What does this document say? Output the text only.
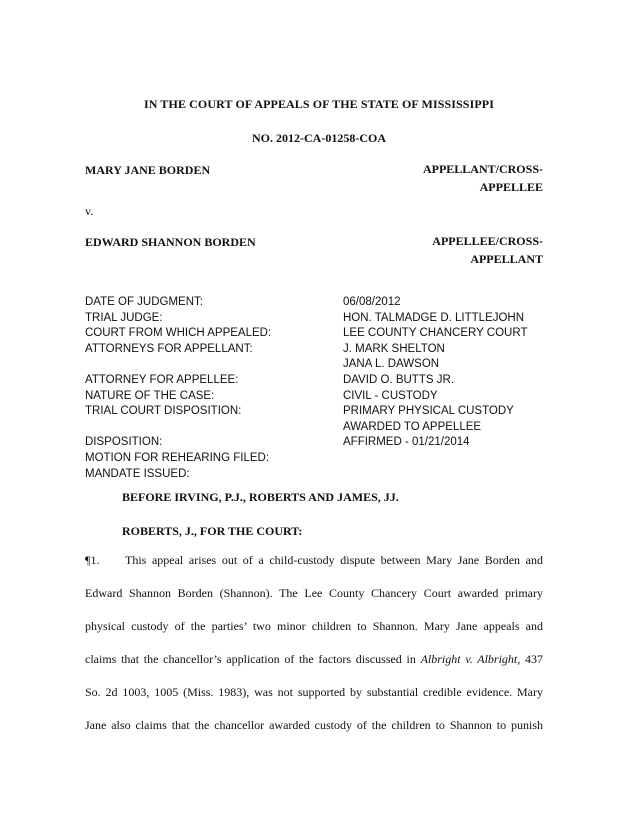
IN THE COURT OF APPEALS OF THE STATE OF MISSISSIPPI
NO. 2012-CA-01258-COA
MARY JANE BORDEN	APPELLANT/CROSS-
APPELLEE
v.
EDWARD SHANNON BORDEN	APPELLEE/CROSS-
APPELLANT
DATE OF JUDGMENT:
TRIAL JUDGE:
COURT FROM WHICH APPEALED:
ATTORNEYS FOR APPELLANT:
ATTORNEY FOR APPELLEE:
NATURE OF THE CASE:
TRIAL COURT DISPOSITION:
DISPOSITION:
MOTION FOR REHEARING FILED:
MANDATE ISSUED:
06/08/2012
HON. TALMADGE D. LITTLEJOHN
LEE COUNTY CHANCERY COURT
J. MARK SHELTON
JANA L. DAWSON
DAVID O. BUTTS JR.
CIVIL - CUSTODY
PRIMARY PHYSICAL CUSTODY
AWARDED TO APPELLEE
AFFIRMED - 01/21/2014
BEFORE IRVING, P.J., ROBERTS AND JAMES, JJ.
ROBERTS, J., FOR THE COURT:
¶1. This appeal arises out of a child-custody dispute between Mary Jane Borden and
Edward Shannon Borden (Shannon). The Lee County Chancery Court awarded primary
physical custody of the parties’ two minor children to Shannon. Mary Jane appeals and
claims that the chancellor’s application of the factors discussed in Albright v. Albright, 437
So. 2d 1003, 1005 (Miss. 1983), was not supported by substantial credible evidence. Mary
Jane also claims that the chancellor awarded custody of the children to Shannon to punish
